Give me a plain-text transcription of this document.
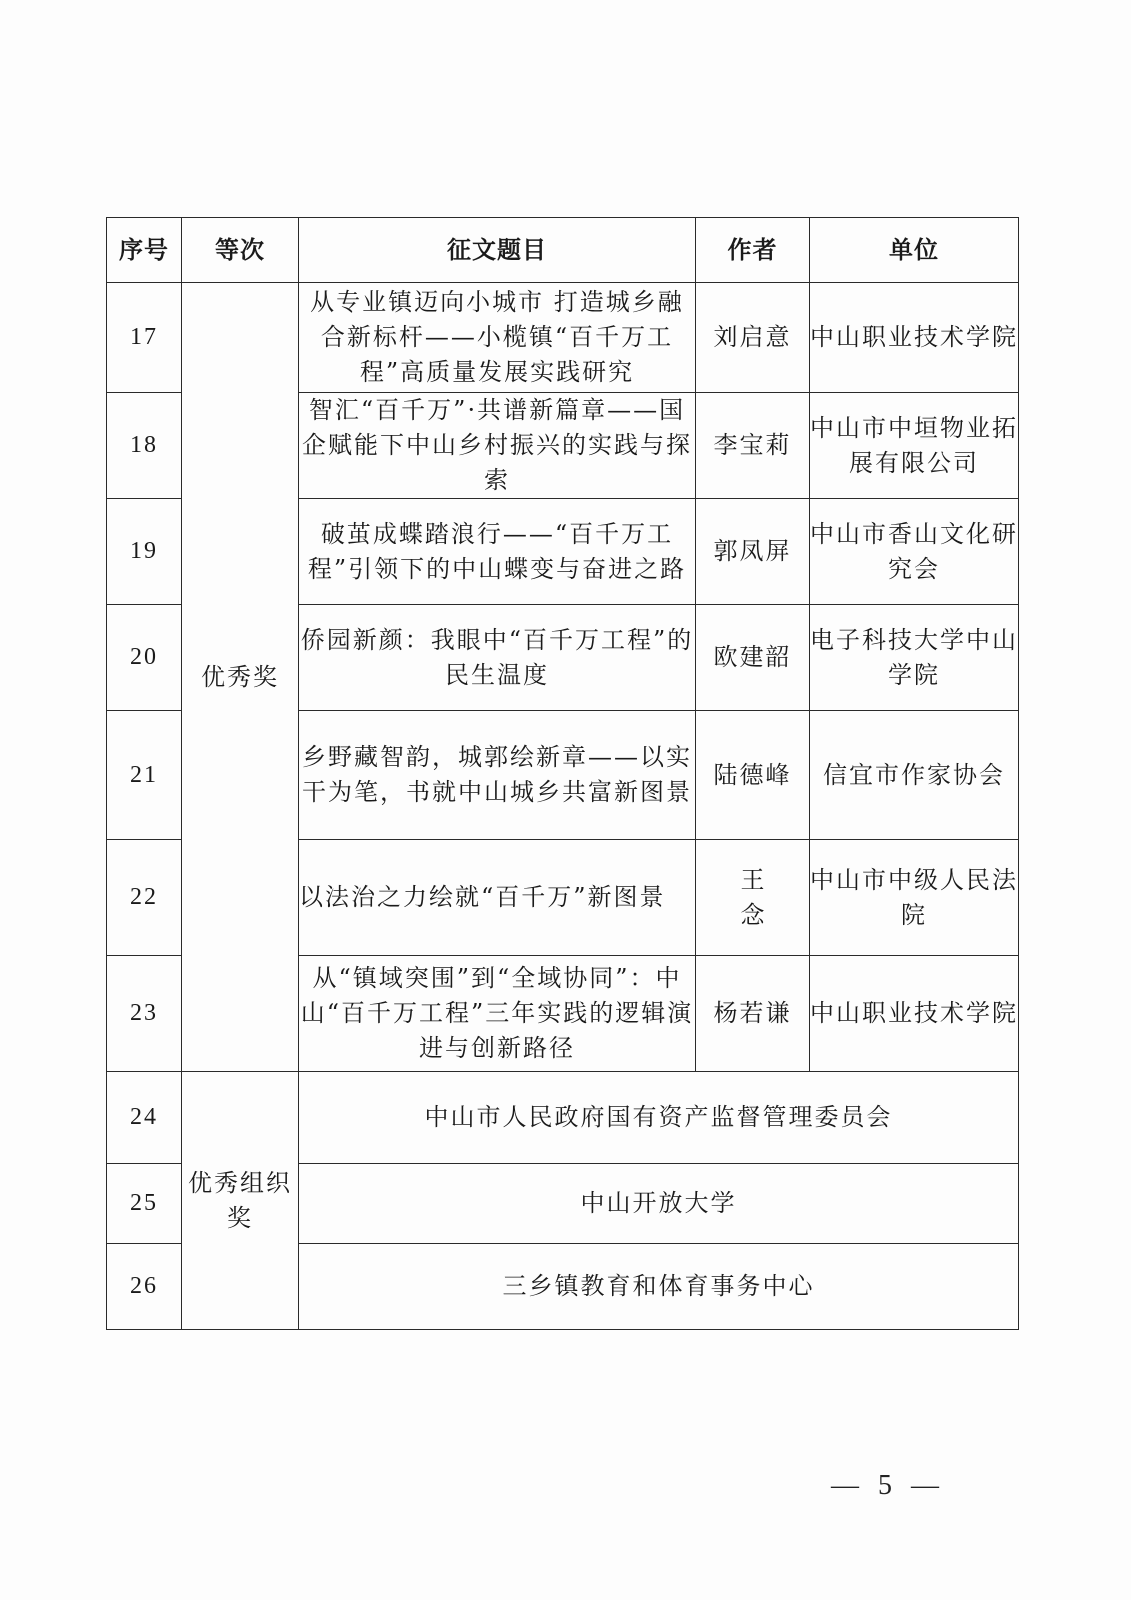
序号	等次	征文题目	作者	单位
17	优秀奖	从专业镇迈向小城市 打造城乡融合新标杆——小榄镇“百千万工程”高质量发展实践研究	刘启意	中山职业技术学院
18		智汇“百千万”·共谱新篇章——国企赋能下中山乡村振兴的实践与探索	李宝莉	中山市中垣物业拓展有限公司
19		破茧成蝶踏浪行——“百千万工程”引领下的中山蝶变与奋进之路	郭凤屏	中山市香山文化研究会
20		侨园新颜：我眼中“百千万工程”的民生温度	欧建韶	电子科技大学中山学院
21		乡野藏智韵，城郭绘新章——以实干为笔，书就中山城乡共富新图景	陆德峰	信宜市作家协会
22		以法治之力绘就“百千万”新图景	王念	中山市中级人民法院
23		从“镇域突围”到“全域协同”：中山“百千万工程”三年实践的逻辑演进与创新路径	杨若谦	中山职业技术学院
24	优秀组织奖	中山市人民政府国有资产监督管理委员会		
25		中山开放大学		
26		三乡镇教育和体育事务中心		
— 5 —
